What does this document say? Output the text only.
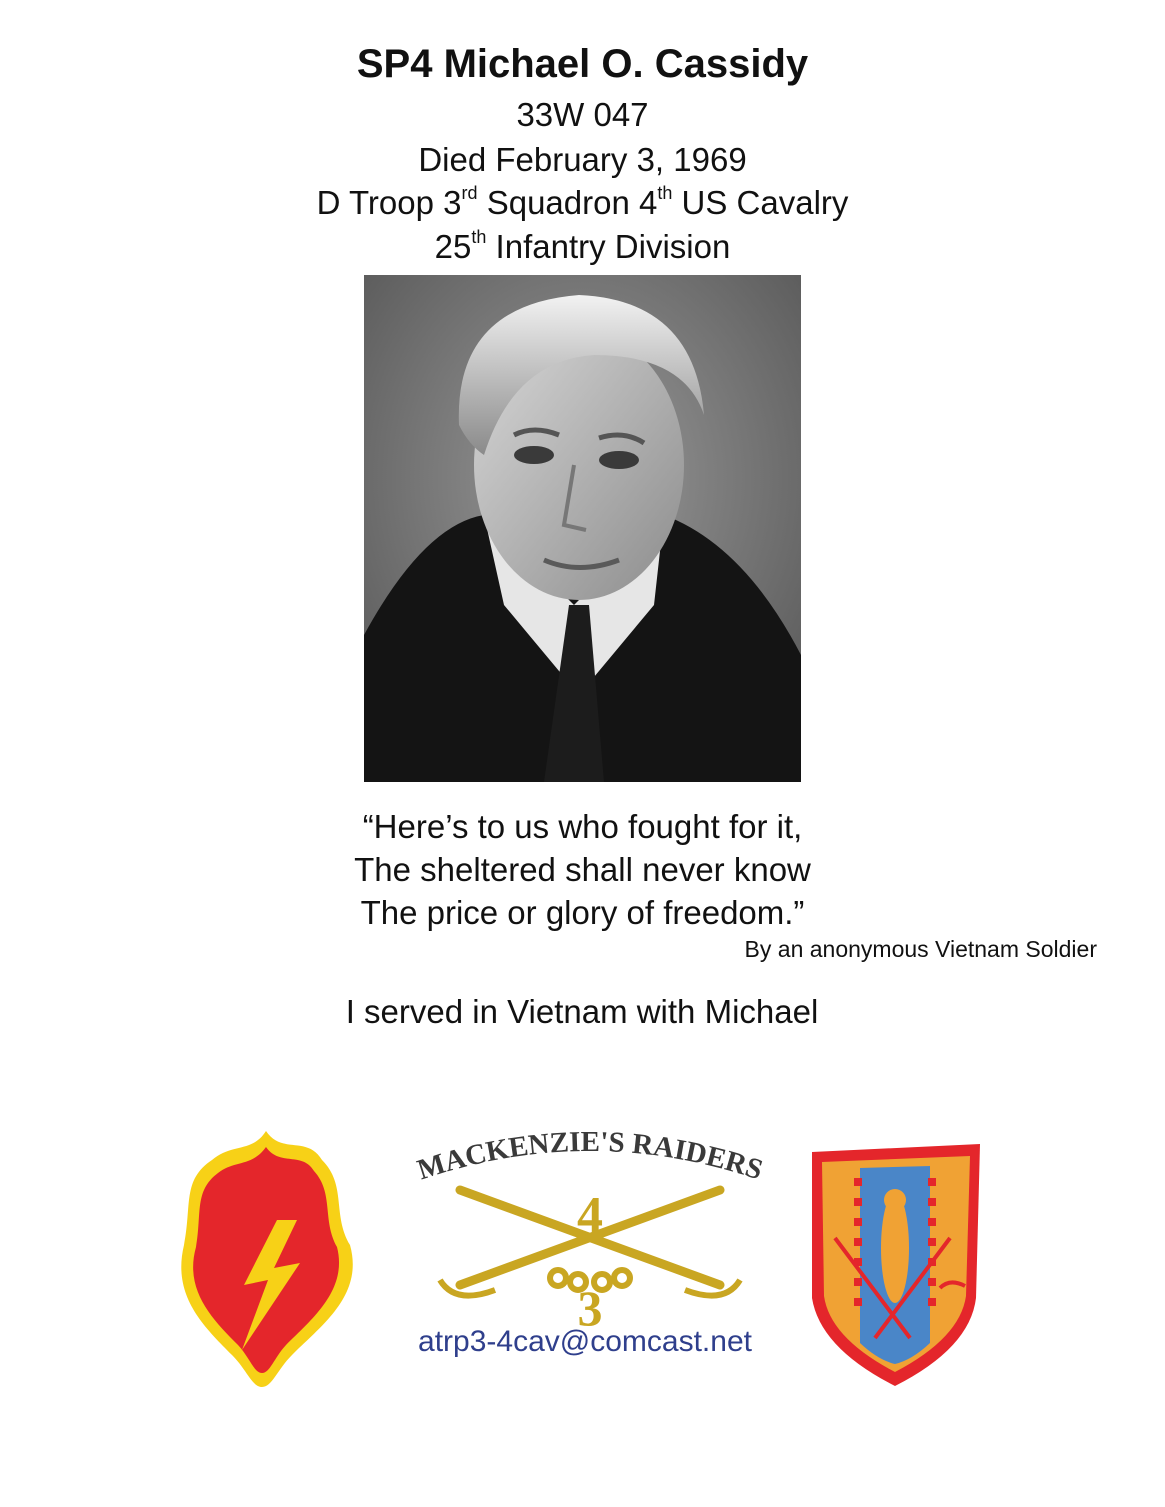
SP4 Michael O. Cassidy
33W 047
Died February 3, 1969
D Troop 3rd Squadron 4th US Cavalry
25th Infantry Division
“Here’s to us who fought for it,
The sheltered shall never know
The price or glory of freedom.”
By an anonymous Vietnam Soldier
I served in Vietnam with Michael
MACKENZIE'S RAIDERS
4
3
atrp3-4cav@comcast.net
